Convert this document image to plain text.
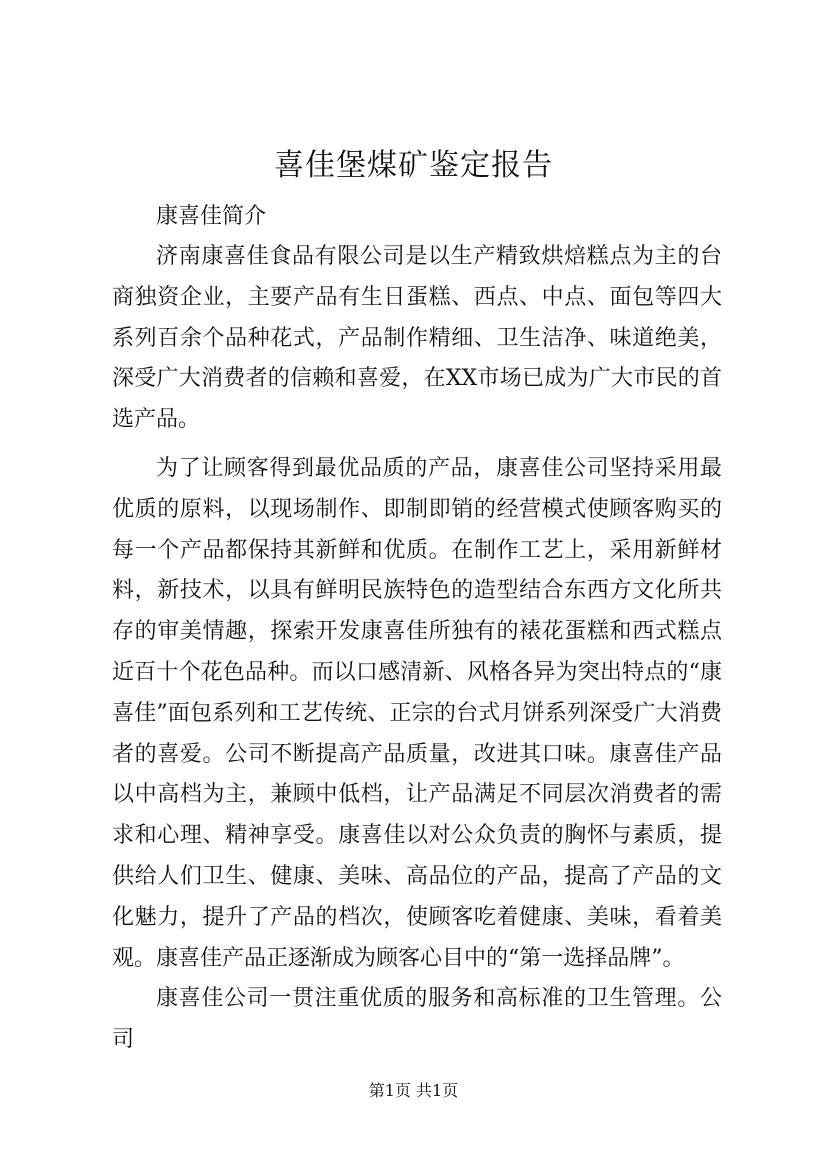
喜佳堡煤矿鉴定报告

康喜佳简介

济南康喜佳食品有限公司是以生产精致烘焙糕点为主的台商独资企业，主要产品有生日蛋糕、西点、中点、面包等四大系列百余个品种花式，产品制作精细、卫生洁净、味道绝美，深受广大消费者的信赖和喜爱，在XX市场已成为广大市民的首选产品。

为了让顾客得到最优品质的产品，康喜佳公司坚持采用最优质的原料，以现场制作、即制即销的经营模式使顾客购买的每一个产品都保持其新鲜和优质。在制作工艺上，采用新鲜材料，新技术，以具有鲜明民族特色的造型结合东西方文化所共存的审美情趣，探索开发康喜佳所独有的裱花蛋糕和西式糕点近百十个花色品种。而以口感清新、风格各异为突出特点的“康喜佳”面包系列和工艺传统、正宗的台式月饼系列深受广大消费者的喜爱。公司不断提高产品质量，改进其口味。康喜佳产品以中高档为主，兼顾中低档，让产品满足不同层次消费者的需求和心理、精神享受。康喜佳以对公众负责的胸怀与素质，提供给人们卫生、健康、美味、高品位的产品，提高了产品的文化魅力，提升了产品的档次，使顾客吃着健康、美味，看着美观。康喜佳产品正逐渐成为顾客心目中的“第一选择品牌”。

康喜佳公司一贯注重优质的服务和高标准的卫生管理。公司

第1页 共1页
